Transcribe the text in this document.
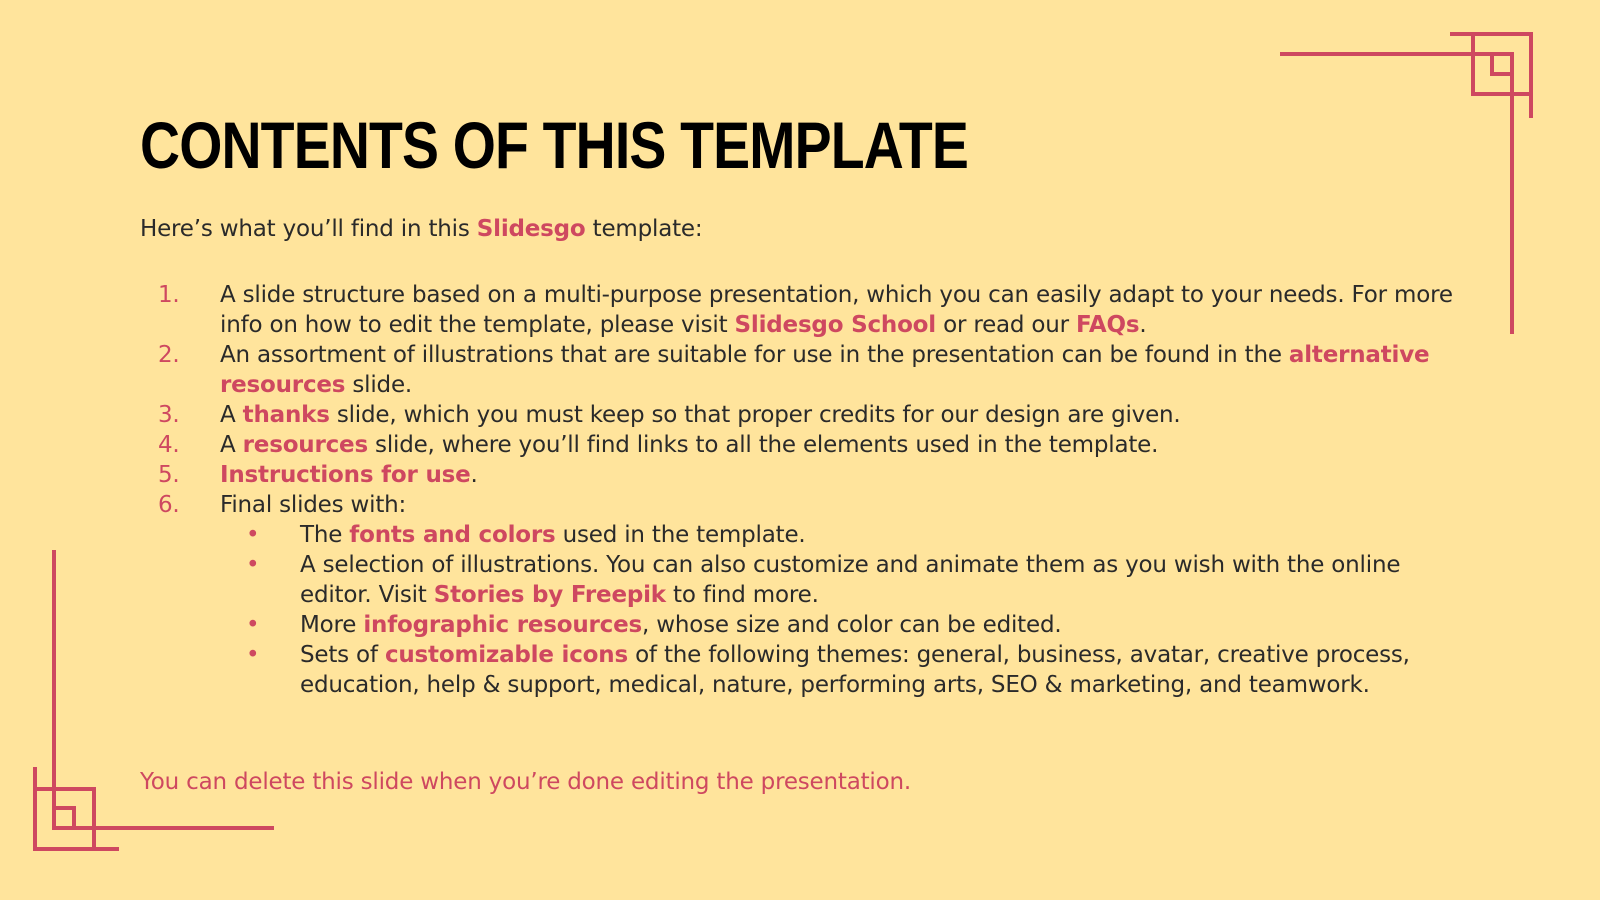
CONTENTS OF THIS TEMPLATE

Here’s what you’ll find in this Slidesgo template:

1. A slide structure based on a multi-purpose presentation, which you can easily adapt to your needs. For more info on how to edit the template, please visit Slidesgo School or read our FAQs.
2. An assortment of illustrations that are suitable for use in the presentation can be found in the alternative resources slide.
3. A thanks slide, which you must keep so that proper credits for our design are given.
4. A resources slide, where you’ll find links to all the elements used in the template.
5. Instructions for use.
6. Final slides with:
• The fonts and colors used in the template.
• A selection of illustrations. You can also customize and animate them as you wish with the online editor. Visit Stories by Freepik to find more.
• More infographic resources, whose size and color can be edited.
• Sets of customizable icons of the following themes: general, business, avatar, creative process, education, help & support, medical, nature, performing arts, SEO & marketing, and teamwork.

You can delete this slide when you’re done editing the presentation.
